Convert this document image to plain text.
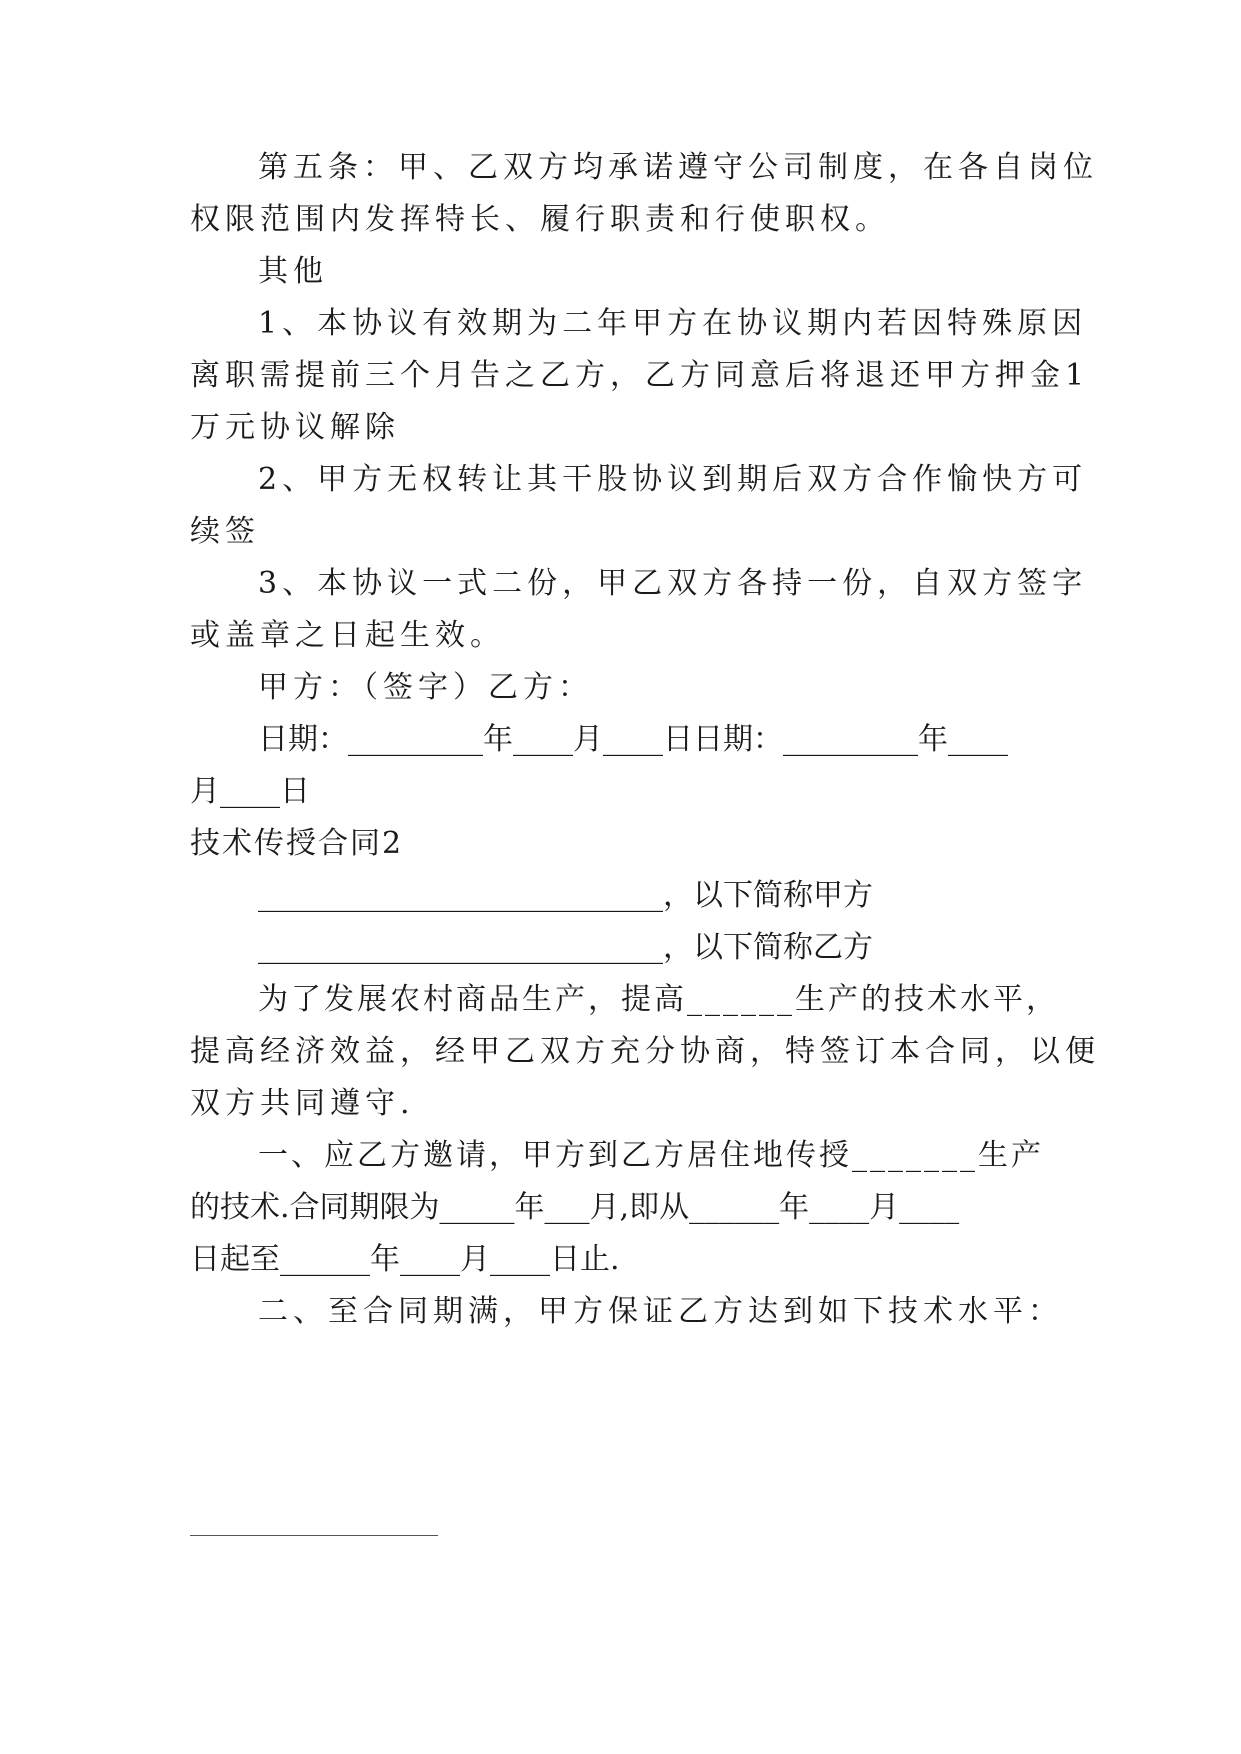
第五条：甲、乙双方均承诺遵守公司制度，在各自岗位
权限范围内发挥特长、履行职责和行使职权。
其他
1、本协议有效期为二年甲方在协议期内若因特殊原因
离职需提前三个月告之乙方，乙方同意后将退还甲方押金1
万元协议解除
2、甲方无权转让其干股协议到期后双方合作愉快方可
续签
3、本协议一式二份，甲乙双方各持一份，自双方签字
或盖章之日起生效。
甲方：（签字）乙方：
日期：_________年____月____日日期：_________年____
月____日
技术传授合同2
___________________________，以下简称甲方
___________________________，以下简称乙方
为了发展农村商品生产，提高______生产的技术水平，
提高经济效益，经甲乙双方充分协商，特签订本合同，以便
双方共同遵守.
一、应乙方邀请，甲方到乙方居住地传授_______生产
的技术.合同期限为_____年___月,即从______年____月____
日起至______年____月____日止.
二、至合同期满，甲方保证乙方达到如下技术水平：
